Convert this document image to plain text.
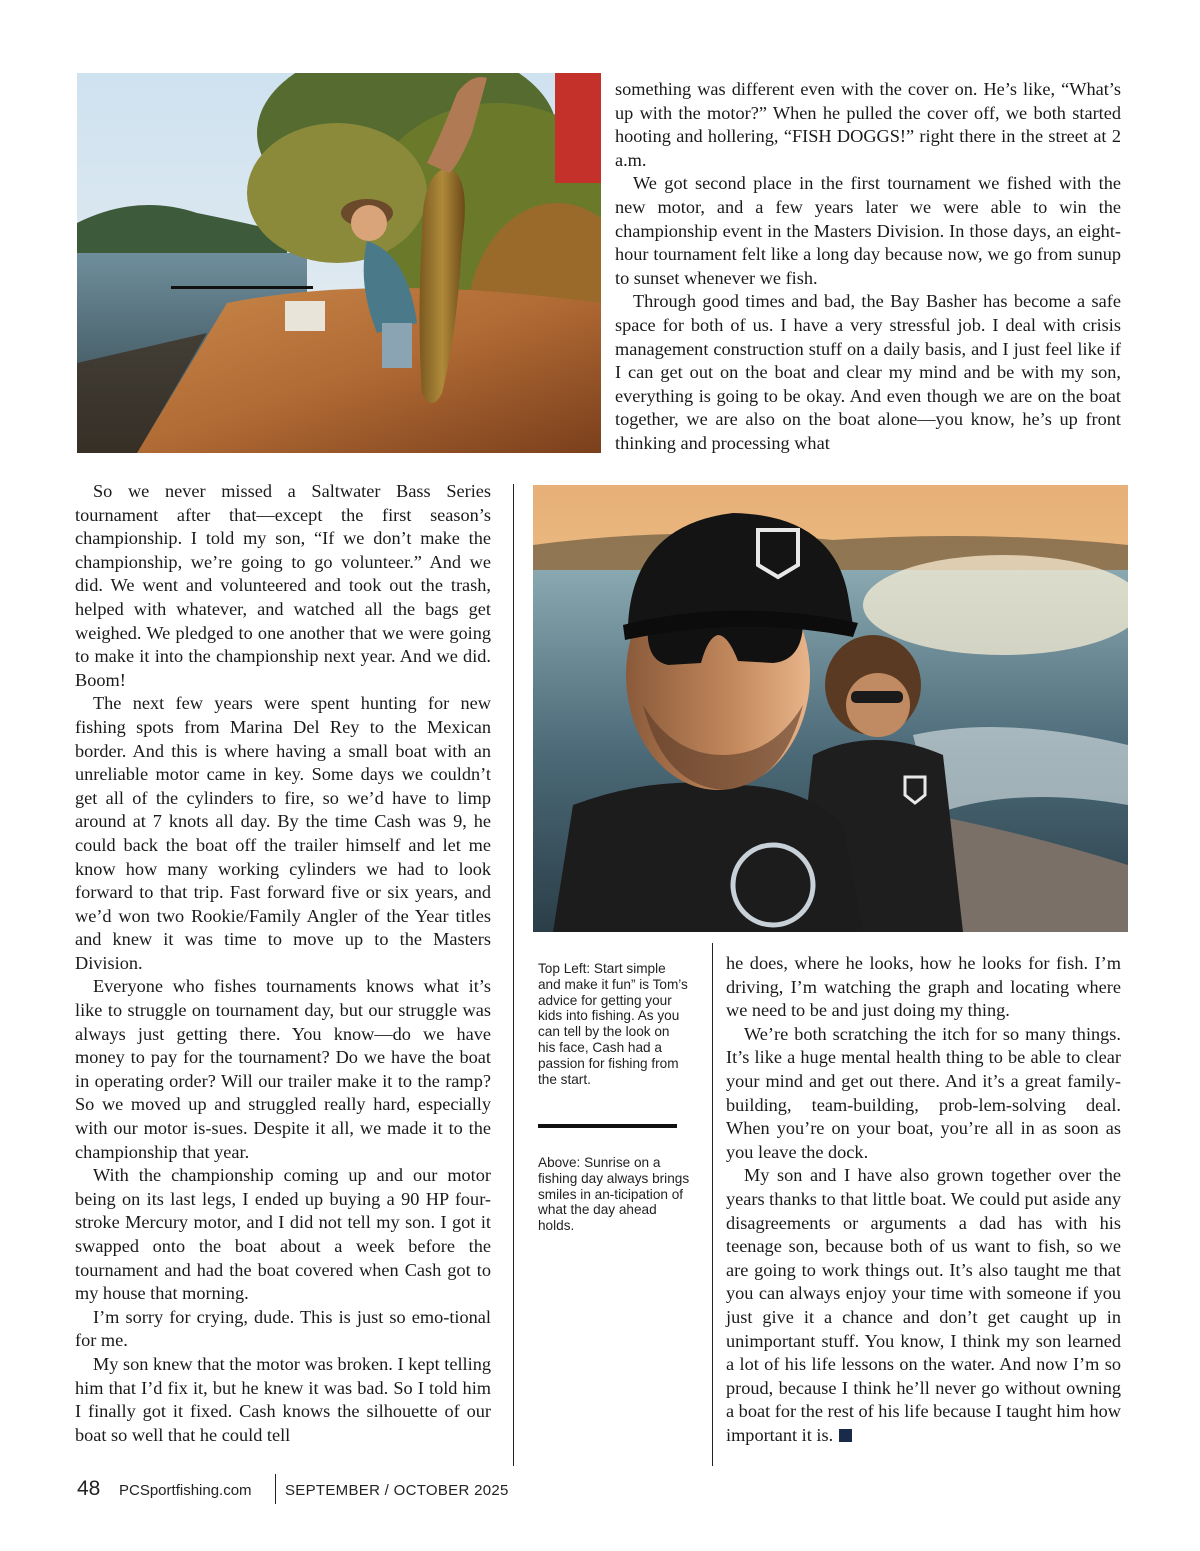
something was different even with the cover on. He’s like, “What’s up with the motor?” When he pulled the cover off, we both started hooting and hollering, “FISH DOGGS!” right there in the street at 2 a.m.

We got second place in the first tournament we fished with the new motor, and a few years later we were able to win the championship event in the Masters Division. In those days, an eight-hour tournament felt like a long day because now, we go from sunup to sunset whenever we fish.

Through good times and bad, the Bay Basher has become a safe space for both of us. I have a very stressful job. I deal with crisis management construction stuff on a daily basis, and I just feel like if I can get out on the boat and clear my mind and be with my son, everything is going to be okay. And even though we are on the boat together, we are also on the boat alone—you know, he’s up front thinking and processing what

So we never missed a Saltwater Bass Series tournament after that—except the first season’s championship. I told my son, “If we don’t make the championship, we’re going to go volunteer.” And we did. We went and volunteered and took out the trash, helped with whatever, and watched all the bags get weighed. We pledged to one another that we were going to make it into the championship next year. And we did. Boom!

The next few years were spent hunting for new fishing spots from Marina Del Rey to the Mexican border. And this is where having a small boat with an unreliable motor came in key. Some days we couldn’t get all of the cylinders to fire, so we’d have to limp around at 7 knots all day. By the time Cash was 9, he could back the boat off the trailer himself and let me know how many working cylinders we had to look forward to that trip. Fast forward five or six years, and we’d won two Rookie/Family Angler of the Year titles and knew it was time to move up to the Masters Division.

Everyone who fishes tournaments knows what it’s like to struggle on tournament day, but our struggle was always just getting there. You know—do we have money to pay for the tournament? Do we have the boat in operating order? Will our trailer make it to the ramp? So we moved up and struggled really hard, especially with our motor is-sues. Despite it all, we made it to the championship that year.

With the championship coming up and our motor being on its last legs, I ended up buying a 90 HP four-stroke Mercury motor, and I did not tell my son. I got it swapped onto the boat about a week before the tournament and had the boat covered when Cash got to my house that morning.

I’m sorry for crying, dude. This is just so emo-tional for me.

My son knew that the motor was broken. I kept telling him that I’d fix it, but he knew it was bad. So I told him I finally got it fixed. Cash knows the silhouette of our boat so well that he could tell

Top Left: Start simple and make it fun” is Tom’s advice for getting your kids into fishing. As you can tell by the look on his face, Cash had a passion for fishing from the start.
Above: Sunrise on a fishing day always brings smiles in an-ticipation of what the day ahead holds.

he does, where he looks, how he looks for fish. I’m driving, I’m watching the graph and locating where we need to be and just doing my thing.

We’re both scratching the itch for so many things. It’s like a huge mental health thing to be able to clear your mind and get out there. And it’s a great family-building, team-building, prob-lem-solving deal. When you’re on your boat, you’re all in as soon as you leave the dock.

My son and I have also grown together over the years thanks to that little boat. We could put aside any disagreements or arguments a dad has with his teenage son, because both of us want to fish, so we are going to work things out. It’s also taught me that you can always enjoy your time with someone if you just give it a chance and don’t get caught up in unimportant stuff. You know, I think my son learned a lot of his life lessons on the water. And now I’m so proud, because I think he’ll never go without owning a boat for the rest of his life because I taught him how important it is.

48 PCSportfishing.com SEPTEMBER / OCTOBER 2025
